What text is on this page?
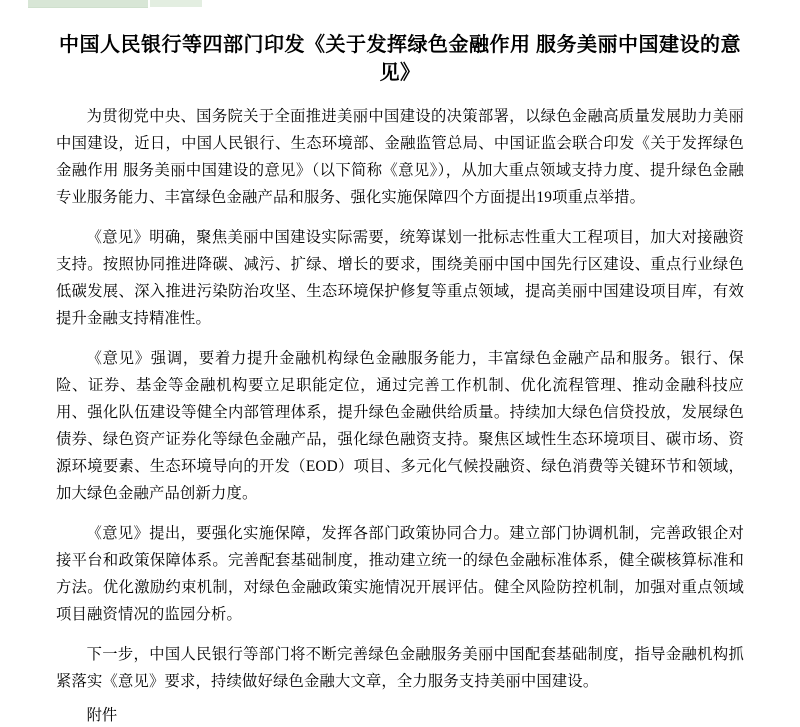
中国人民银行等四部门印发《关于发挥绿色金融作用 服务美丽中国建设的意见》

为贯彻党中央、国务院关于全面推进美丽中国建设的决策部署，以绿色金融高质量发展助力美丽中国建设，近日，中国人民银行、生态环境部、金融监管总局、中国证监会联合印发《关于发挥绿色金融作用 服务美丽中国建设的意见》（以下简称《意见》），从加大重点领域支持力度、提升绿色金融专业服务能力、丰富绿色金融产品和服务、强化实施保障四个方面提出19项重点举措。

《意见》明确，聚焦美丽中国建设实际需要，统筹谋划一批标志性重大工程项目，加大对接融资支持。按照协同推进降碳、减污、扩绿、增长的要求，围绕美丽中国中国先行区建设、重点行业绿色低碳发展、深入推进污染防治攻坚、生态环境保护修复等重点领域，提高美丽中国建设项目库，有效提升金融支持精准性。

《意见》强调，要着力提升金融机构绿色金融服务能力，丰富绿色金融产品和服务。银行、保险、证券、基金等金融机构要立足职能定位，通过完善工作机制、优化流程管理、推动金融科技应用、强化队伍建设等健全内部管理体系，提升绿色金融供给质量。持续加大绿色信贷投放，发展绿色债券、绿色资产证券化等绿色金融产品，强化绿色融资支持。聚焦区域性生态环境项目、碳市场、资源环境要素、生态环境导向的开发（EOD）项目、多元化气候投融资、绿色消费等关键环节和领域，加大绿色金融产品创新力度。

《意见》提出，要强化实施保障，发挥各部门政策协同合力。建立部门协调机制，完善政银企对接平台和政策保障体系。完善配套基础制度，推动建立统一的绿色金融标准体系，健全碳核算标准和方法。优化激励约束机制，对绿色金融政策实施情况开展评估。健全风险防控机制，加强对重点领域项目融资情况的监园分析。

下一步，中国人民银行等部门将不断完善绿色金融服务美丽中国配套基础制度，指导金融机构抓紧落实《意见》要求，持续做好绿色金融大文章，全力服务支持美丽中国建设。

附件
